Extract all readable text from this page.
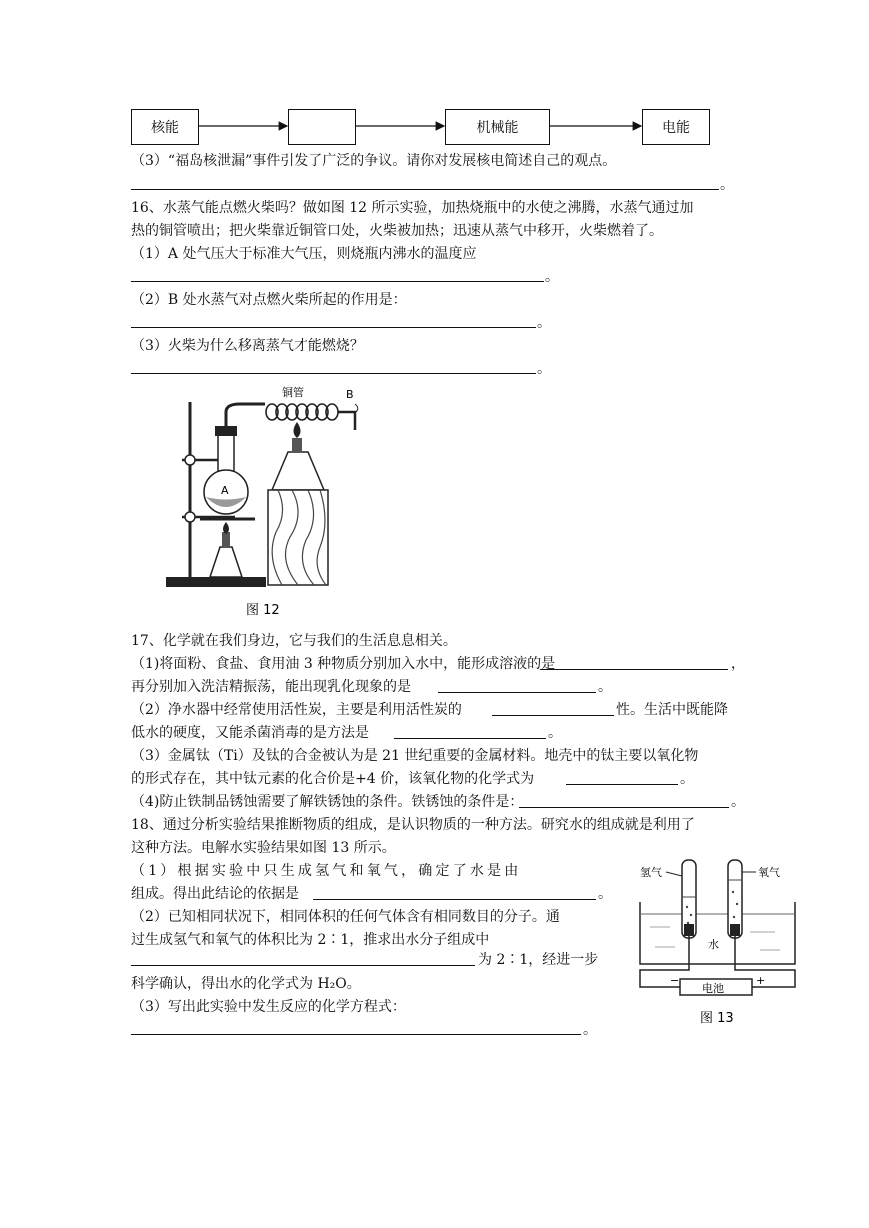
核能	机械能	电能
（3）“福岛核泄漏”事件引发了广泛的争议。请你对发展核电简述自己的观点。
。
16、水蒸气能点燃火柴吗？做如图 12 所示实验，加热烧瓶中的水使之沸腾，水蒸气通过加
热的铜管喷出；把火柴靠近铜管口处，火柴被加热；迅速从蒸气中移开，火柴燃着了。
（1）A 处气压大于标准大气压，则烧瓶内沸水的温度应
。
（2）B 处水蒸气对点燃火柴所起的作用是：
。
（3）火柴为什么移离蒸气才能燃烧？
。
A
铜管	B
图 12
17、化学就在我们身边，它与我们的生活息息相关。
（1)将面粉、食盐、食用油 3 种物质分别加入水中，能形成溶液的是	，
再分别加入洗洁精振荡，能出现乳化现象的是	。
（2）净水器中经常使用活性炭，主要是利用活性炭的	性。生活中既能降
低水的硬度，又能杀菌消毒的是方法是	。
（3）金属钛（Ti）及钛的合金被认为是 21 世纪重要的金属材料。地壳中的钛主要以氧化物
的形式存在，其中钛元素的化合价是+4 价，该氧化物的化学式为	。
（4)防止铁制品锈蚀需要了解铁锈蚀的条件。铁锈蚀的条件是：	。
18、通过分析实验结果推断物质的组成，是认识物质的一种方法。研究水的组成就是利用了
这种方法。电解水实验结果如图 13 所示。
（1）根据实验中只生成氢气和氧气，确定了水是由
组成。得出此结论的依据是	。
（2）已知相同状况下，相同体积的任何气体含有相同数目的分子。通
过生成氢气和氧气的体积比为 2∶1，推求出水分子组成中
为 2∶1，经进一步
科学确认，得出水的化学式为 H₂O。
（3）写出此实验中发生反应的化学方程式：
。
水
电池
−	+
氢气	氧气
图 13
